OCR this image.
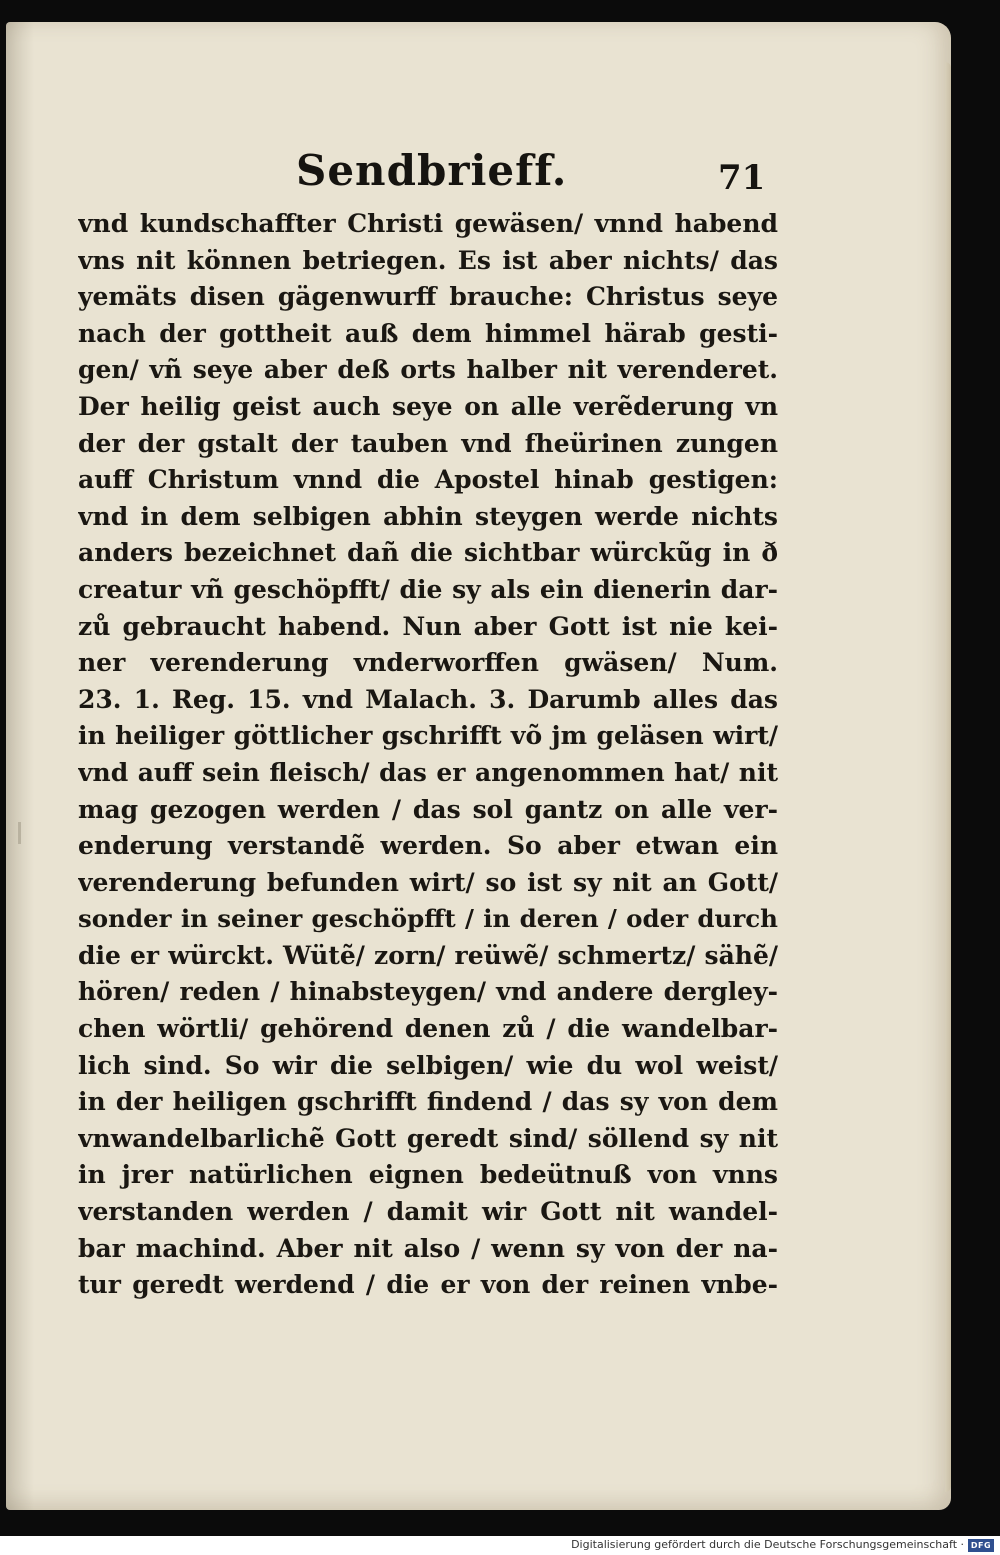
Sendbrieff.	71
vnd kundschaffter Christi gewäsen/ vnnd habend
vns nit können betriegen. Es ist aber nichts/ das
yemäts disen gägenwurff brauche: Christus seye
nach der gottheit auß dem himmel härab gesti-
gen/ vñ seye aber deß orts halber nit verenderet.
Der heilig geist auch seye on alle verẽderung vn
der der gstalt der tauben vnd fheürinen zungen
auff Christum vnnd die Apostel hinab gestigen:
vnd in dem selbigen abhin steygen werde nichts
anders bezeichnet dañ die sichtbar würckũg in ð
creatur vñ geschöpfft/ die sy als ein dienerin dar-
zů gebraucht habend. Nun aber Gott ist nie kei-
ner verenderung vnderworffen gwäsen/ Num.
23. 1. Reg. 15. vnd Malach. 3. Darumb alles das
in heiliger göttlicher gschrifft võ jm geläsen wirt/
vnd auff sein fleisch/ das er angenommen hat/ nit
mag gezogen werden / das sol gantz on alle ver-
enderung verstandẽ werden. So aber etwan ein
verenderung befunden wirt/ so ist sy nit an Gott/
sonder in seiner geschöpfft / in deren / oder durch
die er würckt. Wütẽ/ zorn/ reüwẽ/ schmertz/ sähẽ/
hören/ reden / hinabsteygen/ vnd andere dergley-
chen wörtli/ gehörend denen zů / die wandelbar-
lich sind. So wir die selbigen/ wie du wol weist/
in der heiligen gschrifft findend / das sy von dem
vnwandelbarlichẽ Gott geredt sind/ söllend sy nit
in jrer natürlichen eignen bedeütnuß von vnns
verstanden werden / damit wir Gott nit wandel-
bar machind. Aber nit also / wenn sy von der na-
tur geredt werdend / die er von der reinen vnbe-
Digitalisierung gefördert durch die Deutsche Forschungsgemeinschaft · DFG
